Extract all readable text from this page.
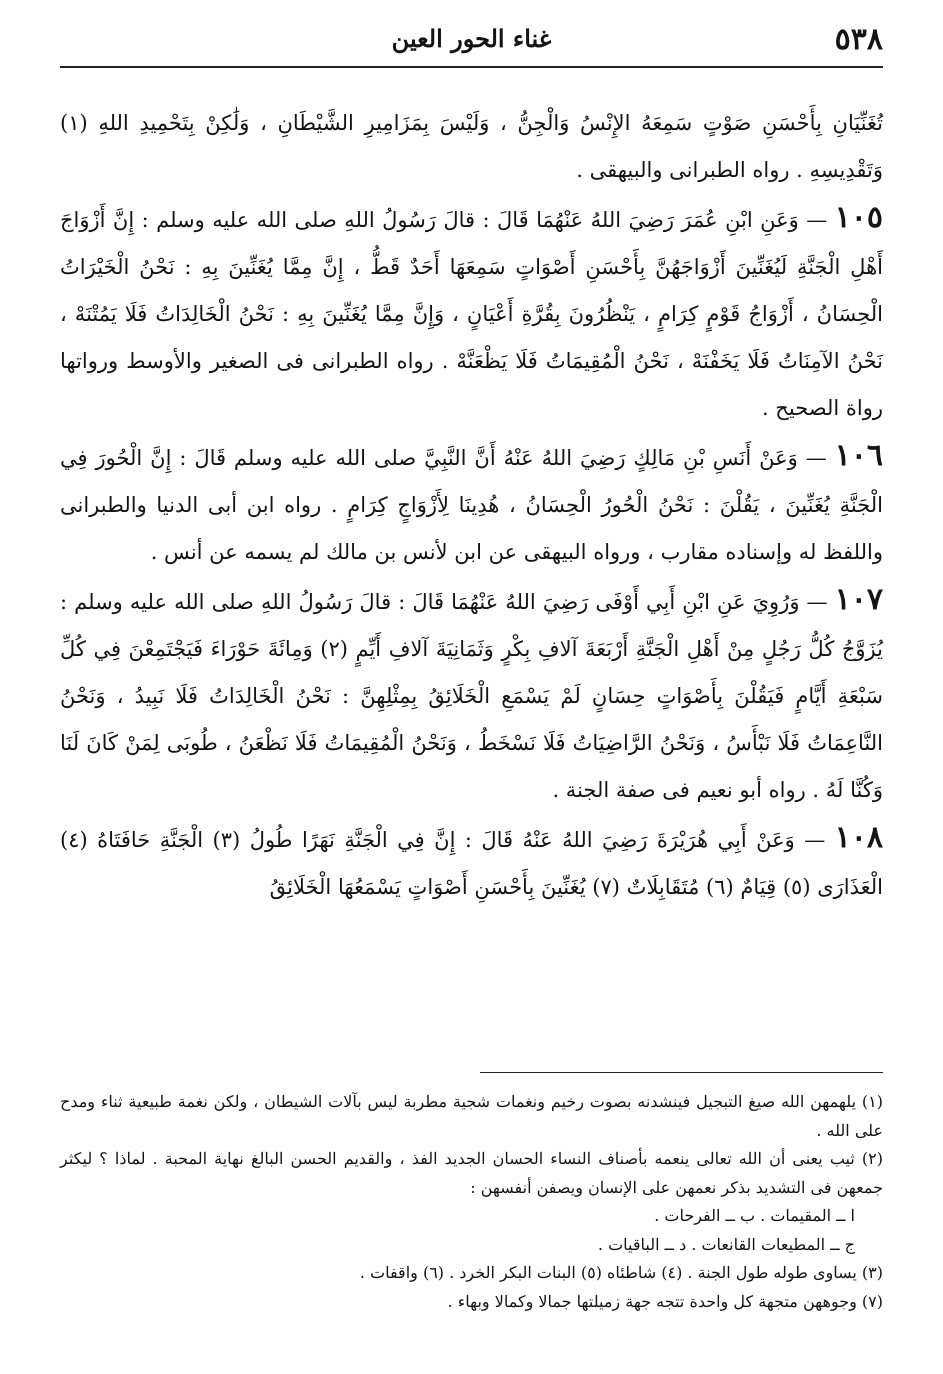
٥٣٨
غناء الحور العين

تُغَنِّيَانِ بِأَحْسَنِ صَوْتٍ سَمِعَهُ الإِنْسُ وَالْجِنُّ ، وَلَيْسَ بِمَزَامِيرِ الشَّيْطَانِ ، وَلَٰكِنْ بِتَحْمِيدِ اللهِ (١) وَتَقْدِيسِهِ . رواه الطبرانى والبيهقى .

١٠٥ — وَعَنِ ابْنِ عُمَرَ رَضِيَ اللهُ عَنْهُمَا قَالَ : قالَ رَسُولُ اللهِ صلى الله عليه وسلم : إِنَّ أَزْوَاجَ أَهْلِ الْجَنَّةِ لَيُغَنِّينَ أَزْوَاجَهُنَّ بِأَحْسَنِ أَصْوَاتٍ سَمِعَهَا أَحَدٌ قَطُّ ، إِنَّ مِمَّا يُغَنِّينَ بِهِ : نَحْنُ الْخَيْرَاتُ الْحِسَانُ ، أَزْوَاجُ قَوْمٍ كِرَامٍ ، يَنْظُرُونَ بِقُرَّةِ أَعْيَانٍ ، وَإِنَّ مِمَّا يُغَنِّينَ بِهِ : نَحْنُ الْخَالِدَاتُ فَلَا يَمُتْنَهْ ، نَحْنُ الآمِنَاتُ فَلَا يَخَفْنَهْ ، نَحْنُ الْمُقِيمَاتُ فَلَا يَظْعَنَّهْ . رواه الطبرانى فى الصغير والأوسط ورواتها رواة الصحيح .

١٠٦ — وَعَنْ أَنَسِ بْنِ مَالِكٍ رَضِيَ اللهُ عَنْهُ أَنَّ النَّبِيَّ صلى الله عليه وسلم قَالَ : إِنَّ الْحُورَ فِي الْجَنَّةِ يُغَنِّينَ ، يَقُلْنَ : نَحْنُ الْحُورُ الْحِسَانُ ، هُدِينَا لِأَزْوَاجٍ كِرَامٍ . رواه ابن أبى الدنيا والطبرانى واللفظ له وإسناده مقارب ، ورواه البيهقى عن ابن لأنس بن مالك لم يسمه عن أنس .

١٠٧ — وَرُوِيَ عَنِ ابْنِ أَبِي أَوْفَى رَضِيَ اللهُ عَنْهُمَا قَالَ : قالَ رَسُولُ اللهِ صلى الله عليه وسلم : يُزَوَّجُ كُلُّ رَجُلٍ مِنْ أَهْلِ الْجَنَّةِ أَرْبَعَةَ آلافِ بِكْرٍ وَثَمَانِيَةَ آلافِ أَيِّمٍ (٢) وَمِائَةَ حَوْرَاءَ فَيَجْتَمِعْنَ فِي كُلِّ سَبْعَةِ أَيَّامٍ فَيَقُلْنَ بِأَصْوَاتٍ حِسَانٍ لَمْ يَسْمَعِ الْخَلَائِقُ بِمِثْلِهِنَّ : نَحْنُ الْخَالِدَاتُ فَلَا نَبِيدُ ، وَنَحْنُ النَّاعِمَاتُ فَلَا نَبْأَسُ ، وَنَحْنُ الرَّاضِيَاتُ فَلَا نَسْخَطُ ، وَنَحْنُ الْمُقِيمَاتُ فَلَا نَظْعَنُ ، طُوبَى لِمَنْ كَانَ لَنَا وَكُنَّا لَهُ . رواه أبو نعيم فى صفة الجنة .

١٠٨ — وَعَنْ أَبِي هُرَيْرَةَ رَضِيَ اللهُ عَنْهُ قَالَ : إِنَّ فِي الْجَنَّةِ نَهَرًا طُولُ (٣) الْجَنَّةِ حَافَتَاهُ (٤) الْعَذَارَى (٥) قِيَامٌ (٦) مُتَقَابِلَاتٌ (٧) يُغَنِّينَ بِأَحْسَنِ أَصْوَاتٍ يَسْمَعُهَا الْخَلَائِقُ

(١) يلهمهن الله صيغ التبجيل فينشدنه بصوت رخيم ونغمات شجية مطربة ليس بآلات الشيطان ، ولكن نغمة طبيعية ثناء ومدح على الله .

(٢) ثيب يعنى أن الله تعالى ينعمه بأصناف النساء الحسان الجديد الفذ ، والقديم الحسن البالغ نهاية المحبة . لماذا ؟ ليكثر جمعهن فى التشديد بذكر نعمهن على الإنسان ويصفن أنفسهن :

ا ــ المقيمات . ب ــ الفرحات .

ج ــ المطيعات القانعات . د ــ الباقيات .

(٣) يساوى طوله طول الجنة . (٤) شاطئاه (٥) البنات البكر الخرد . (٦) واقفات .

(٧) وجوههن متجهة كل واحدة تتجه جهة زميلتها جمالا وكمالا وبهاء .
